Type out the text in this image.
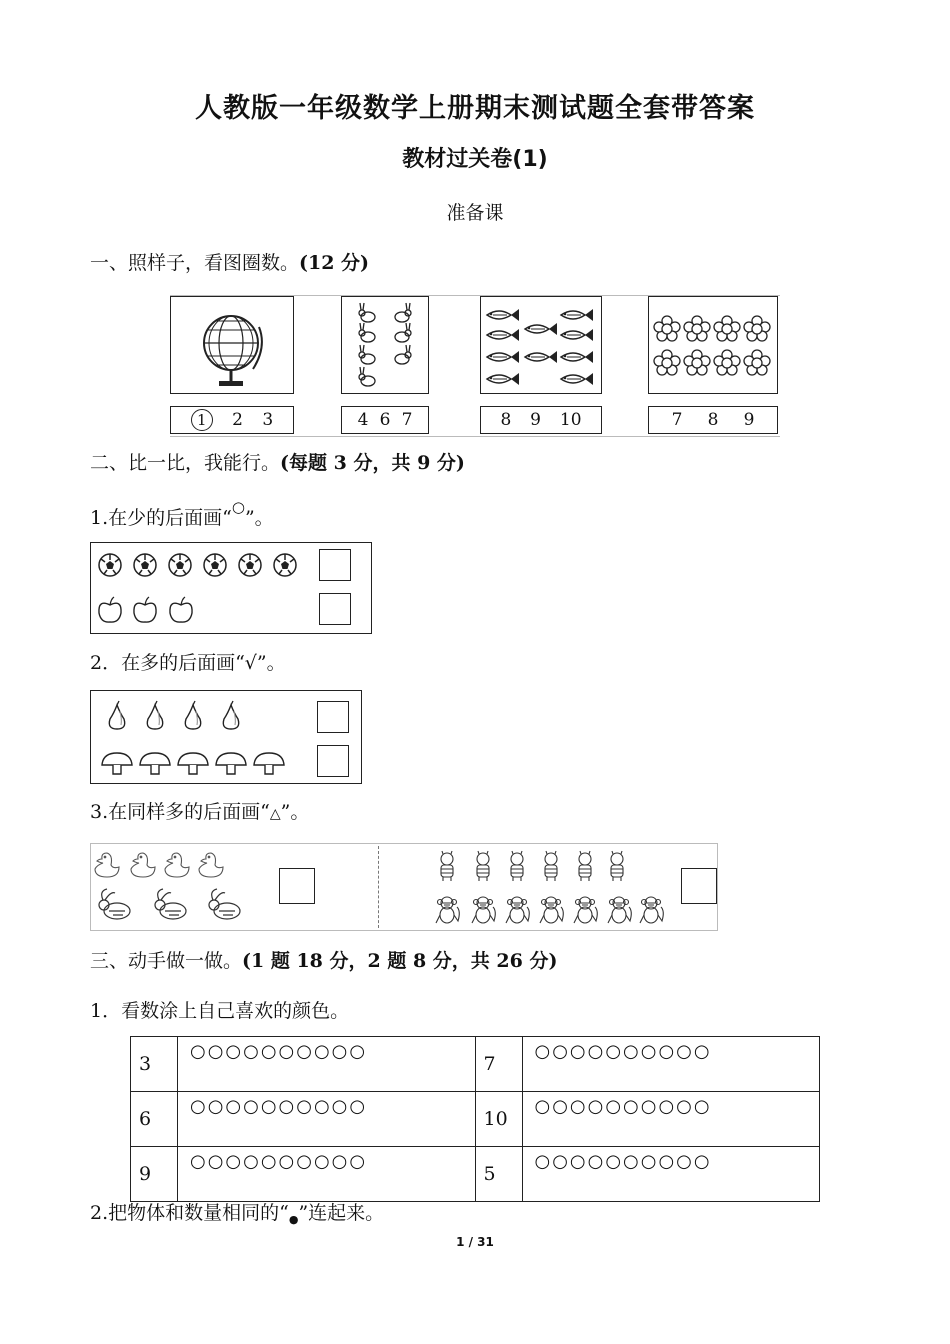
人教版一年级数学上册期末测试题全套带答案
教材过关卷(1)
准备课
一、照样子，看图圈数。(12 分)
1	2 3	4 6 7	8 9 10	7 8 9
二、比一比，我能行。(每题 3 分，共 9 分)
1.在少的后面画“○”。
2．在多的后面画“√”。
3.在同样多的后面画“△”。
三、动手做一做。(1 题 18 分，2 题 8 分，共 26 分)
1．看数涂上自己喜欢的颜色。
3	○○○○○○○○○○	7	○○○○○○○○○○
6	○○○○○○○○○○	10	○○○○○○○○○○
9	○○○○○○○○○○	5	○○○○○○○○○○
2.把物体和数量相同的“$_●$”连起来。
1 / 31
